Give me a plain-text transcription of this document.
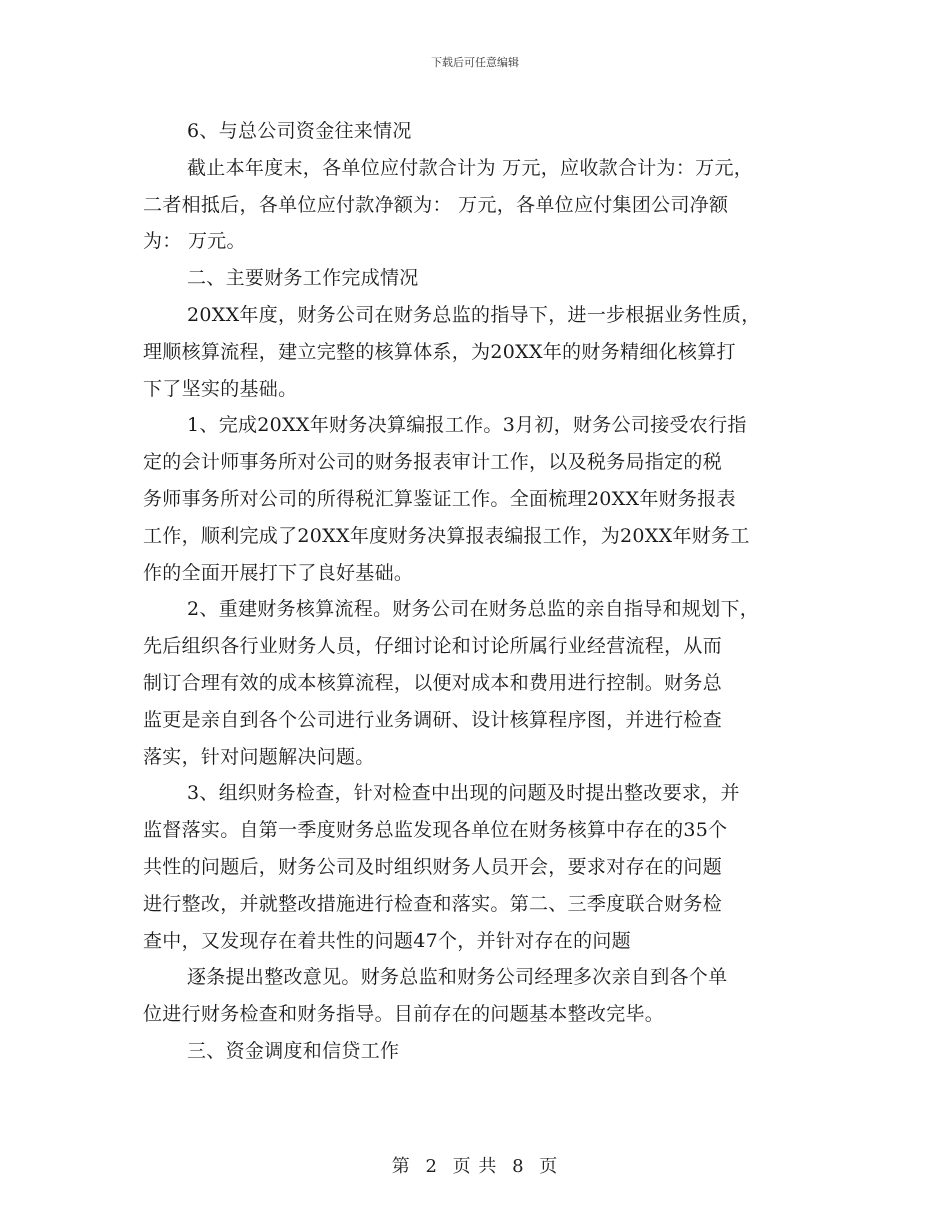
下载后可任意编辑

6、与总公司资金往来情况

截止本年度末，各单位应付款合计为 万元，应收款合计为：万元，

二者相抵后，各单位应付款净额为： 万元，各单位应付集团公司净额

为： 万元。

二、主要财务工作完成情况

20XX年度，财务公司在财务总监的指导下，进一步根据业务性质，

理顺核算流程，建立完整的核算体系，为20XX年的财务精细化核算打

下了坚实的基础。

1、完成20XX年财务决算编报工作。3月初，财务公司接受农行指

定的会计师事务所对公司的财务报表审计工作，以及税务局指定的税

务师事务所对公司的所得税汇算鉴证工作。全面梳理20XX年财务报表

工作，顺利完成了20XX年度财务决算报表编报工作，为20XX年财务工

作的全面开展打下了良好基础。

2、重建财务核算流程。财务公司在财务总监的亲自指导和规划下，

先后组织各行业财务人员，仔细讨论和讨论所属行业经营流程，从而

制订合理有效的成本核算流程，以便对成本和费用进行控制。财务总

监更是亲自到各个公司进行业务调研、设计核算程序图，并进行检查

落实，针对问题解决问题。

3、组织财务检查，针对检查中出现的问题及时提出整改要求，并

监督落实。自第一季度财务总监发现各单位在财务核算中存在的35个

共性的问题后，财务公司及时组织财务人员开会，要求对存在的问题

进行整改，并就整改措施进行检查和落实。第二、三季度联合财务检

查中，又发现存在着共性的问题47个，并针对存在的问题

逐条提出整改意见。财务总监和财务公司经理多次亲自到各个单

位进行财务检查和财务指导。目前存在的问题基本整改完毕。

三、资金调度和信贷工作

第 2 页 共 8 页
